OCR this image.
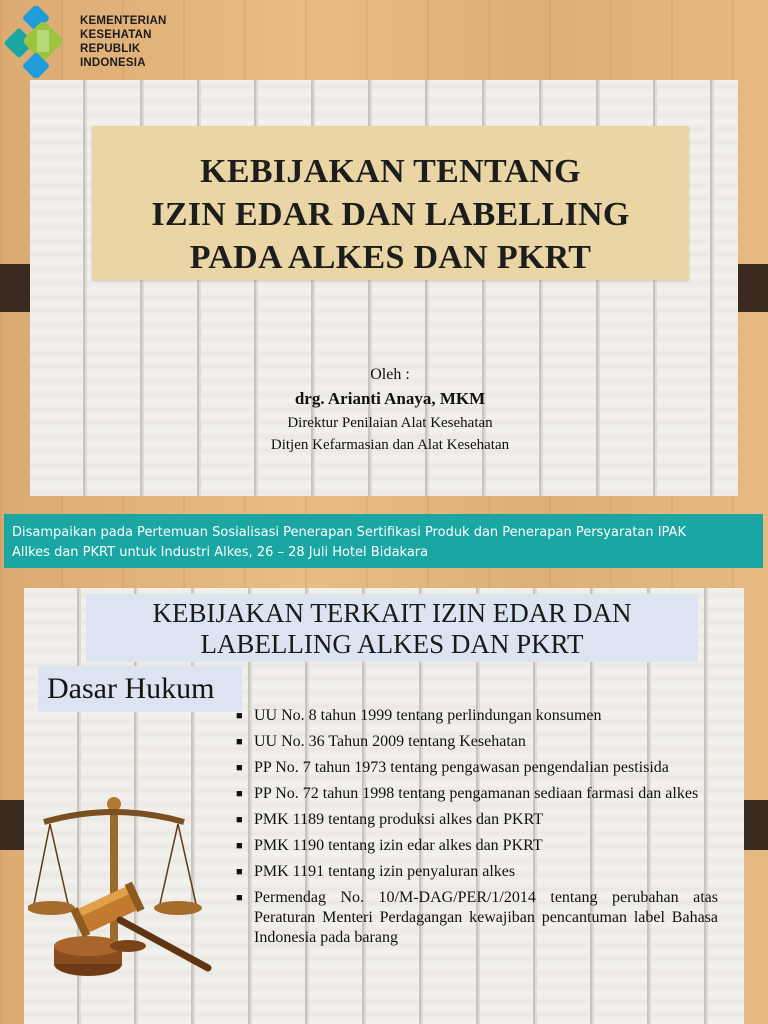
KEMENTERIAN
KESEHATAN
REPUBLIK
INDONESIA
KEBIJAKAN TENTANG
IZIN EDAR DAN LABELLING
PADA ALKES DAN PKRT
Oleh :
drg. Arianti Anaya, MKM
Direktur Penilaian Alat Kesehatan
Ditjen Kefarmasian dan Alat Kesehatan
Disampaikan pada Pertemuan Sosialisasi Penerapan Sertifikasi Produk dan Penerapan Persyaratan IPAK
Allkes dan PKRT untuk Industri Alkes, 26 – 28 Juli Hotel Bidakara
KEBIJAKAN TERKAIT IZIN EDAR DAN
LABELLING ALKES DAN PKRT
Dasar Hukum
■ UU No. 8 tahun 1999 tentang perlindungan konsumen
■ UU No. 36 Tahun 2009 tentang Kesehatan
■ PP No. 7 tahun 1973 tentang pengawasan pengendalian pestisida
■ PP No. 72 tahun 1998 tentang pengamanan sediaan farmasi dan alkes
■ PMK 1189 tentang produksi alkes dan PKRT
■ PMK 1190 tentang izin edar alkes dan PKRT
■ PMK 1191 tentang izin penyaluran alkes
■ Permendag No. 10/M-DAG/PER/1/2014 tentang perubahan atas Peraturan Menteri Perdagangan kewajiban pencantuman label Bahasa Indonesia pada barang
